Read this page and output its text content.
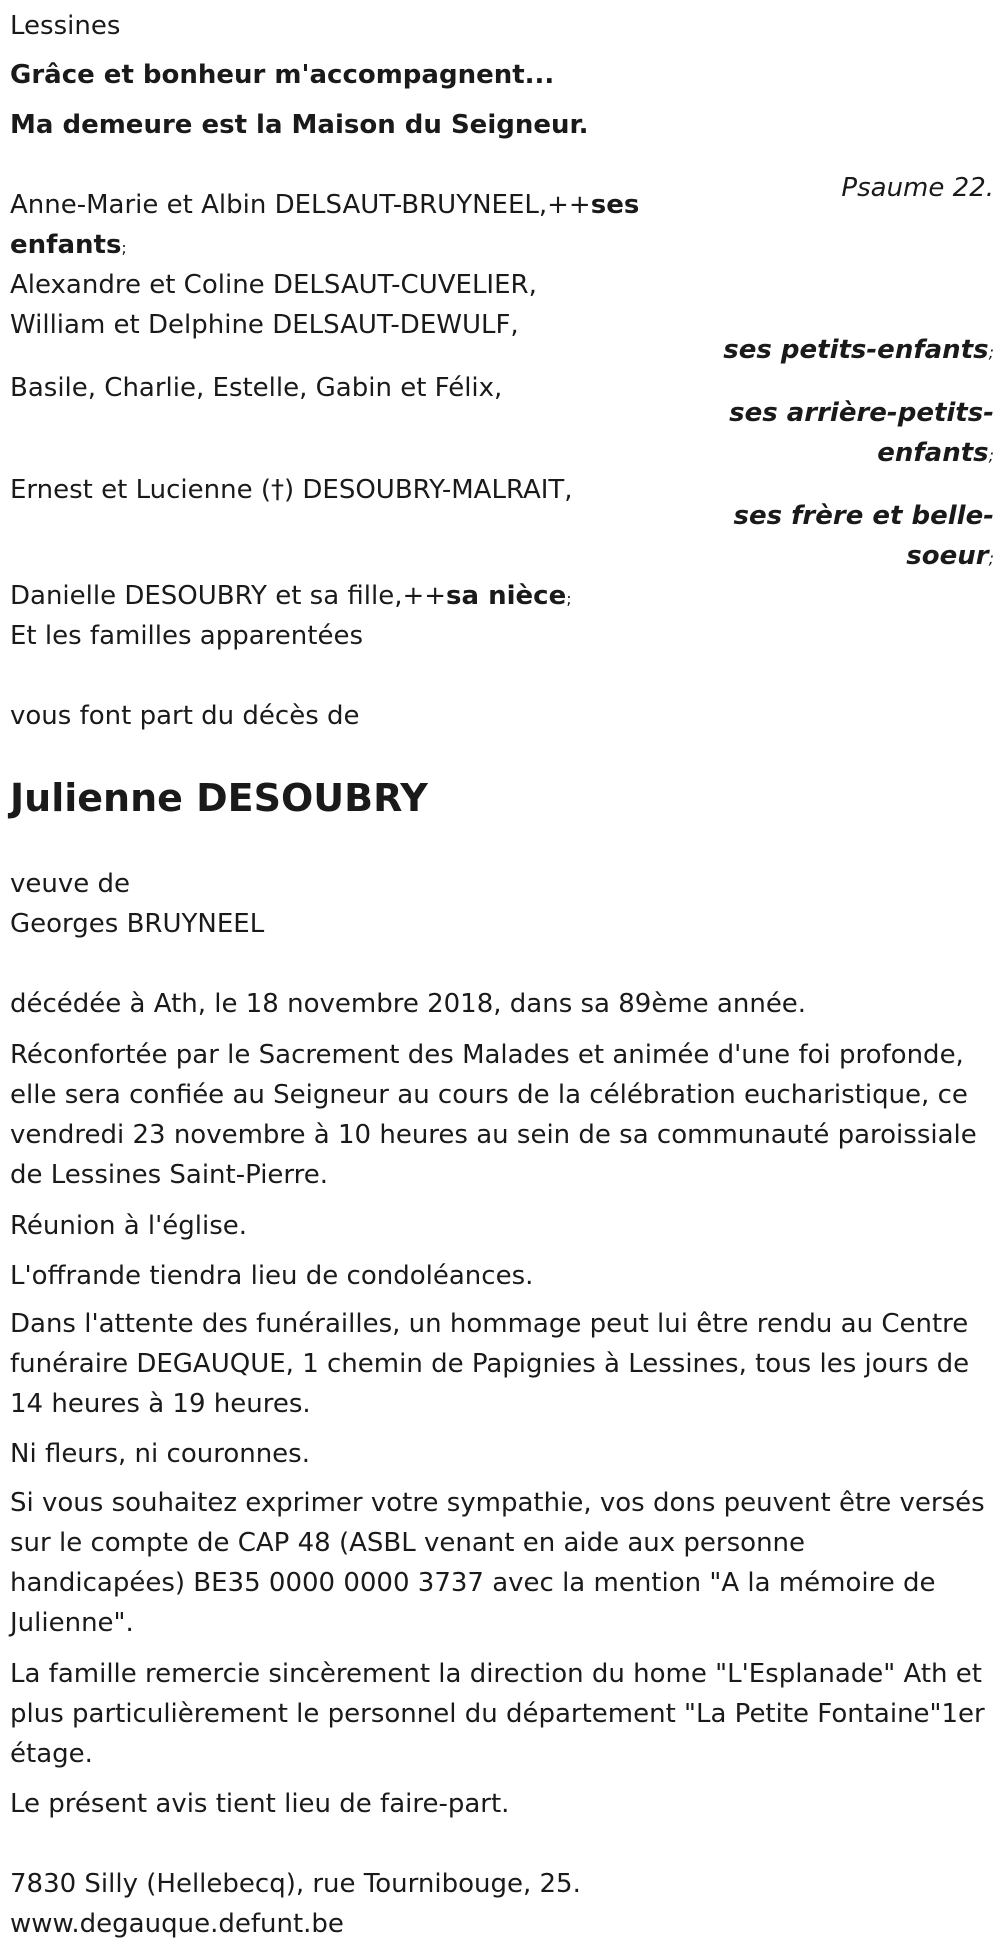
Lessines

Grâce et bonheur m'accompagnent...

Ma demeure est la Maison du Seigneur.

Psaume 22.

Anne-Marie et Albin DELSAUT-BRUYNEEL,++ses

enfants;

Alexandre et Coline DELSAUT-CUVELIER,

William et Delphine DELSAUT-DEWULF,

ses petits-enfants;

Basile, Charlie, Estelle, Gabin et Félix,

ses arrière-petits-
enfants;

Ernest et Lucienne (†) DESOUBRY-MALRAIT,

ses frère et belle-
soeur;

Danielle DESOUBRY et sa fille,++sa nièce;

Et les familles apparentées

vous font part du décès de

Julienne DESOUBRY

veuve de

Georges BRUYNEEL

décédée à Ath, le 18 novembre 2018, dans sa 89ème année.

Réconfortée par le Sacrement des Malades et animée d'une foi profonde, elle sera confiée au Seigneur au cours de la célébration eucharistique, ce vendredi 23 novembre à 10 heures au sein de sa communauté paroissiale de Lessines Saint-Pierre.

Réunion à l'église.

L'offrande tiendra lieu de condoléances.

Dans l'attente des funérailles, un hommage peut lui être rendu au Centre funéraire DEGAUQUE, 1 chemin de Papignies à Lessines, tous les jours de 14 heures à 19 heures.

Ni fleurs, ni couronnes.

Si vous souhaitez exprimer votre sympathie, vos dons peuvent être versés sur le compte de CAP 48 (ASBL venant en aide aux personne handicapées) BE35 0000 0000 3737 avec la mention "A la mémoire de Julienne".

La famille remercie sincèrement la direction du home "L'Esplanade" Ath et plus particulièrement le personnel du département "La Petite Fontaine"1er étage.

Le présent avis tient lieu de faire-part.

7830 Silly (Hellebecq), rue Tournibouge, 25.

www.degauque.defunt.be
